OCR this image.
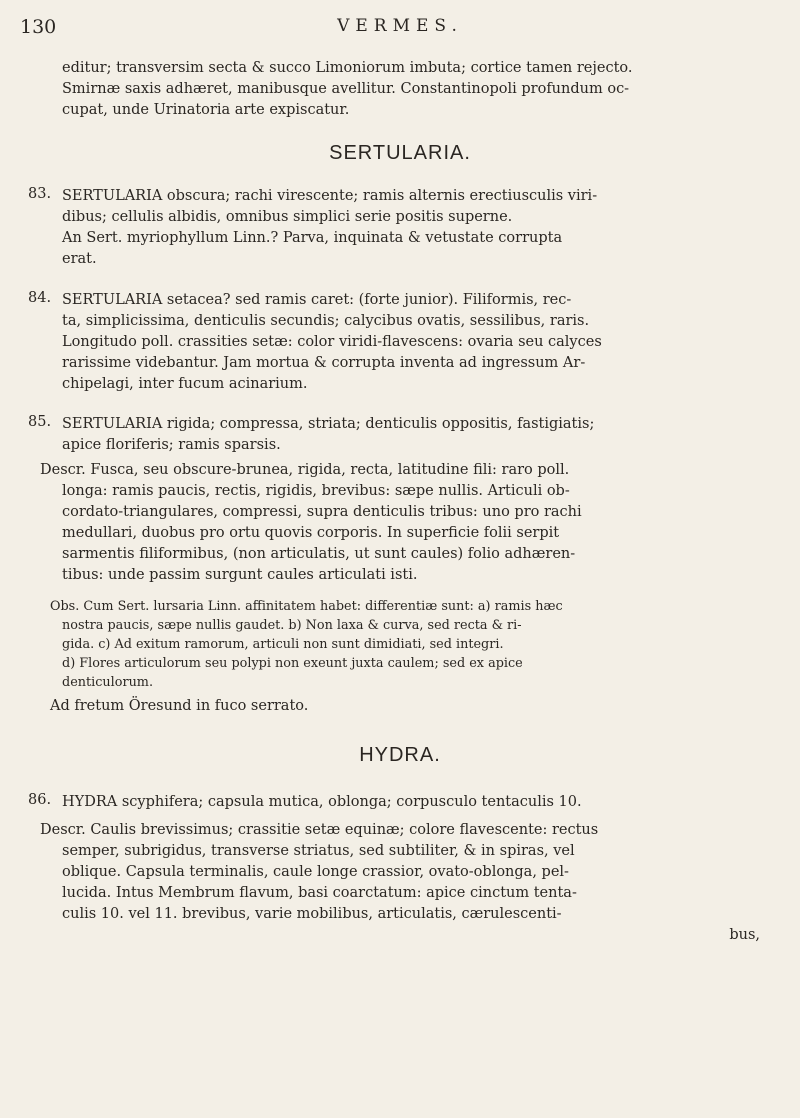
130	VERMES.
editur; transversim secta & succo Limoniorum imbuta; cortice tamen rejecto.
Smirnæ saxis adhæret, manibusque avellitur. Constantinopoli profundum oc-
cupat, unde Urinatoria arte expiscatur.
SERTULARIA.
83. SERTULARIA obscura; rachi virescente; ramis alternis erectiusculis viri-
dibus; cellulis albidis, omnibus simplici serie positis superne.
An Sert. myriophyllum Linn.? Parva, inquinata & vetustate corrupta
erat.
84. SERTULARIA setacea? sed ramis caret: (forte junior). Filiformis, rec-
ta, simplicissima, denticulis secundis; calycibus ovatis, sessilibus, raris.
Longitudo poll. crassities setæ: color viridi-flavescens: ovaria seu calyces
rarissime videbantur. Jam mortua & corrupta inventa ad ingressum Ar-
chipelagi, inter fucum acinarium.
85. SERTULARIA rigida; compressa, striata; denticulis oppositis, fastigiatis;
apice floriferis; ramis sparsis.
Descr. Fusca, seu obscure-brunea, rigida, recta, latitudine fili: raro poll.
longa: ramis paucis, rectis, rigidis, brevibus: sæpe nullis. Articuli ob-
cordato-triangulares, compressi, supra denticulis tribus: uno pro rachi
medullari, duobus pro ortu quovis corporis. In superficie folii serpit
sarmentis filiformibus, (non articulatis, ut sunt caules) folio adhæren-
tibus: unde passim surgunt caules articulati isti.
Obs. Cum Sert. lursaria Linn. affinitatem habet: differentiæ sunt: a) ramis hæc
nostra paucis, sæpe nullis gaudet. b) Non laxa & curva, sed recta & ri-
gida. c) Ad exitum ramorum, articuli non sunt dimidiati, sed integri.
d) Flores articulorum seu polypi non exeunt juxta caulem; sed ex apice
denticulorum.
Ad fretum Öresund in fuco serrato.
HYDRA.
86. HYDRA scyphifera; capsula mutica, oblonga; corpusculo tentaculis 10.
Descr. Caulis brevissimus; crassitie setæ equinæ; colore flavescente: rectus
semper, subrigidus, transverse striatus, sed subtiliter, & in spiras, vel
oblique. Capsula terminalis, caule longe crassior, ovato-oblonga, pel-
lucida. Intus Membrum flavum, basi coarctatum: apice cinctum tenta-
culis 10. vel 11. brevibus, varie mobilibus, articulatis, cærulescenti-
bus,
